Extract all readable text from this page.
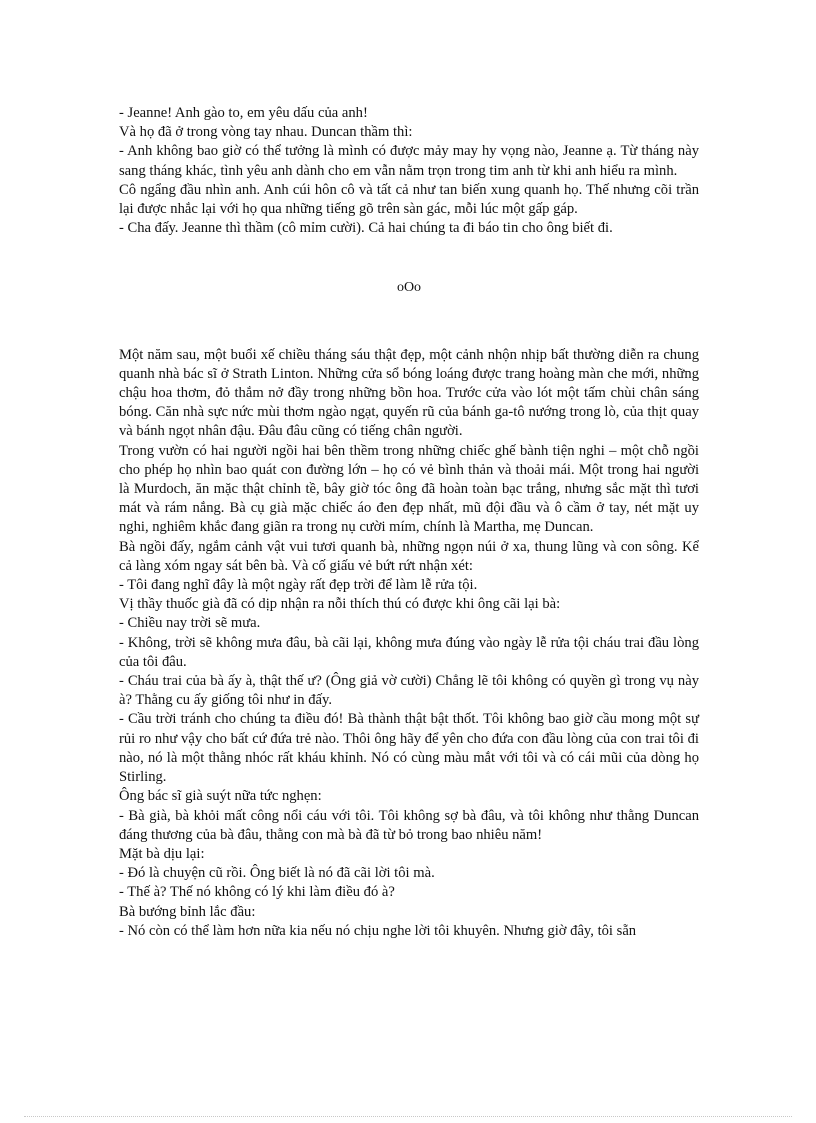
- Jeanne! Anh gào to, em yêu dấu của anh!

Và họ đã ở trong vòng tay nhau. Duncan thầm thì:

- Anh không bao giờ có thể tưởng là mình có được mảy may hy vọng nào, Jeanne ạ. Từ tháng này sang tháng khác, tình yêu anh dành cho em vẫn nằm trọn trong tim anh từ khi anh hiểu ra mình.

Cô ngẩng đầu nhìn anh. Anh cúi hôn cô và tất cả như tan biến xung quanh họ. Thế nhưng cõi trần lại được nhắc lại với họ qua những tiếng gõ trên sàn gác, mỗi lúc một gấp gáp.

- Cha đấy. Jeanne thì thầm (cô mỉm cười). Cả hai chúng ta đi báo tin cho ông biết đi.

oOo

Một năm sau, một buổi xế chiều tháng sáu thật đẹp, một cảnh nhộn nhịp bất thường diễn ra chung quanh nhà bác sĩ ở Strath Linton. Những cửa sổ bóng loáng được trang hoàng màn che mới, những chậu hoa thơm, đỏ thắm nở đầy trong những bồn hoa. Trước cửa vào lót một tấm chùi chân sáng bóng. Căn nhà sực nức mùi thơm ngào ngạt, quyến rũ của bánh ga-tô nướng trong lò, của thịt quay và bánh ngọt nhân đậu. Đâu đâu cũng có tiếng chân người.

Trong vườn có hai người ngồi hai bên thềm trong những chiếc ghế bành tiện nghi – một chỗ ngồi cho phép họ nhìn bao quát con đường lớn – họ có vẻ bình thản và thoải mái. Một trong hai người là Murdoch, ăn mặc thật chỉnh tề, bây giờ tóc ông đã hoàn toàn bạc trắng, nhưng sắc mặt thì tươi mát và rám nắng. Bà cụ già mặc chiếc áo đen đẹp nhất, mũ đội đầu và ô cầm ở tay, nét mặt uy nghi, nghiêm khắc đang giãn ra trong nụ cười mím, chính là Martha, mẹ Duncan.

Bà ngồi đấy, ngắm cảnh vật vui tươi quanh bà, những ngọn núi ở xa, thung lũng và con sông. Kể cả làng xóm ngay sát bên bà. Và cố giấu vẻ bứt rứt nhận xét:

- Tôi đang nghĩ đây là một ngày rất đẹp trời để làm lễ rửa tội.

Vị thầy thuốc già đã có dịp nhận ra nỗi thích thú có được khi ông cãi lại bà:

- Chiều nay trời sẽ mưa.

- Không, trời sẽ không mưa đâu, bà cãi lại, không mưa đúng vào ngày lễ rửa tội cháu trai đầu lòng của tôi đâu.

- Cháu trai của bà ấy à, thật thế ư? (Ông giả vờ cười) Chẳng lẽ tôi không có quyền gì trong vụ này à? Thằng cu ấy giống tôi như in đấy.

- Cầu trời tránh cho chúng ta điều đó! Bà thành thật bật thốt. Tôi không bao giờ cầu mong một sự rủi ro như vậy cho bất cứ đứa trẻ nào. Thôi ông hãy để yên cho đứa con đầu lòng của con trai tôi đi nào, nó là một thằng nhóc rất kháu khỉnh. Nó có cùng màu mắt với tôi và có cái mũi của dòng họ Stirling.

Ông bác sĩ già suýt nữa tức nghẹn:

- Bà già, bà khỏi mất công nổi cáu với tôi. Tôi không sợ bà đâu, và tôi không như thằng Duncan đáng thương của bà đâu, thằng con mà bà đã từ bỏ trong bao nhiêu năm!

Mặt bà dịu lại:

- Đó là chuyện cũ rồi. Ông biết là nó đã cãi lời tôi mà.

- Thế à? Thế nó không có lý khi làm điều đó à?

Bà bướng bỉnh lắc đầu:

- Nó còn có thể làm hơn nữa kia nếu nó chịu nghe lời tôi khuyên. Nhưng giờ đây, tôi sẵn
